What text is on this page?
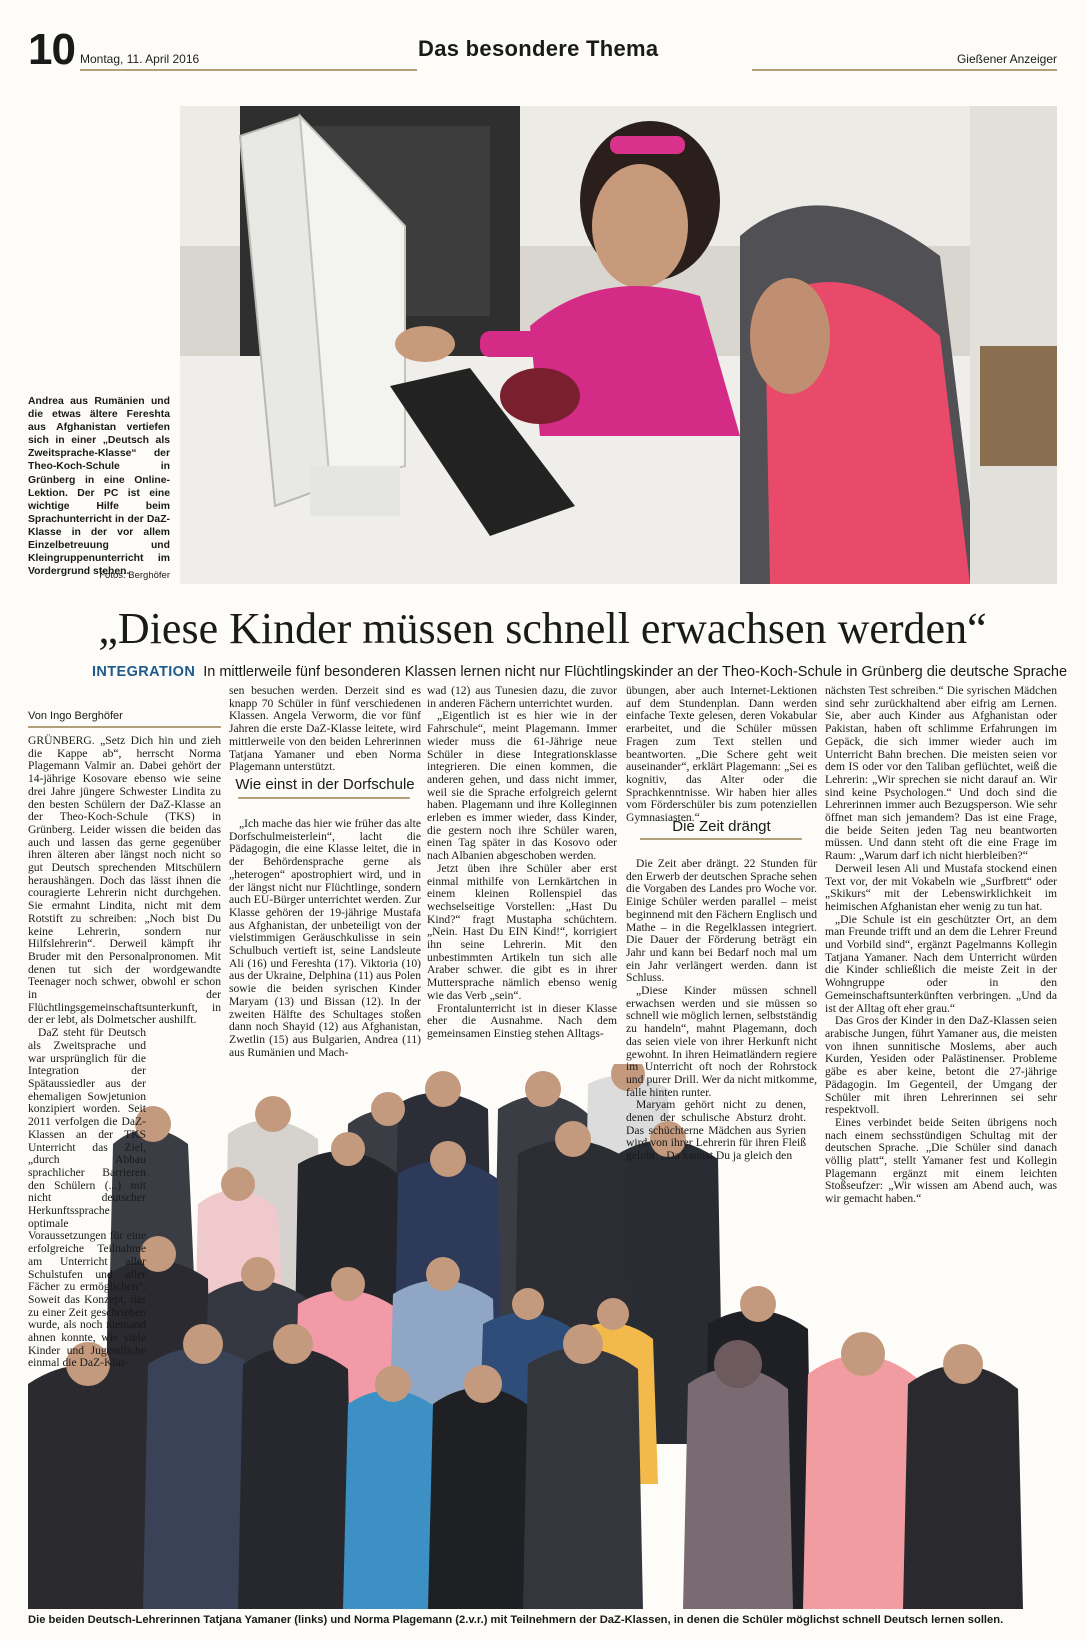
10 Montag, 11. April 2016	Das besondere Thema	Gießener Anzeiger
Andrea aus Rumänien und die etwas ältere Fereshta aus Afghanistan vertiefen sich in einer „Deutsch als Zweitsprache-Klasse“ der Theo-Koch-Schule in Grünberg in eine Online-Lektion. Der PC ist eine wichtige Hilfe beim Sprachunterricht in der DaZ-Klasse in der vor allem Einzelbetreuung und Kleingruppenunterricht im Vordergrund stehen.
Fotos: Berghöfer
„Diese Kinder müssen schnell erwachsen werden“
INTEGRATION In mittlerweile fünf besonderen Klassen lernen nicht nur Flüchtlingskinder an der Theo-Koch-Schule in Grünberg die deutsche Sprache
Von Ingo Berghöfer

GRÜNBERG. „Setz Dich hin und zieh die Kappe ab“, herrscht Norma Plagemann Valmir an. Dabei gehört der 14-jährige Kosovare ebenso wie seine drei Jahre jüngere Schwester Lindita zu den besten Schülern der DaZ-Klasse an der Theo-Koch-Schule (TKS) in Grünberg. Leider wissen die beiden das auch und lassen das gerne gegenüber ihren älteren aber längst noch nicht so gut Deutsch sprechenden Mitschülern heraushängen. Doch das lässt ihnen die couragierte Lehrerin nicht durchgehen. Sie ermahnt Lindita, nicht mit dem Rotstift zu schreiben: „Noch bist Du keine Lehrerin, sondern nur Hilfslehrerin“. Derweil kämpft ihr Bruder mit den Personalpronomen. Mit denen tut sich der wordgewandte Teenager noch schwer, obwohl er schon in der Flüchtlingsgemeinschaftsunterkunft, in der er lebt, als Dolmetscher aushilft.

DaZ steht für Deutsch als Zweitsprache und war ursprünglich für die Integration der Spätaussiedler aus der ehemaligen Sowjetunion konzipiert worden. Seit 2011 verfolgen die DaZ-Klassen an der TKS Unterricht das Ziel, „durch Abbau sprachlicher Barrieren den Schülern (...) mit nicht deutscher Herkunftssprache optimale Voraussetzungen für eine erfolgreiche Teilnahme am Unterricht aller Schulstufen und aller Fächer zu ermöglichen“. Soweit das Konzept, das zu einer Zeit geschrieben wurde, als noch niemand ahnen konnte, wie viele Kinder und Jugendliche einmal die DaZ-Klas-

sen besuchen werden. Derzeit sind es knapp 70 Schüler in fünf verschiedenen Klassen. Angela Verworm, die vor fünf Jahren die erste DaZ-Klasse leitete, wird mittlerweile von den beiden Lehrerinnen Tatjana Yamaner und eben Norma Plagemann unterstützt.

Wie einst in der Dorfschule

„Ich mache das hier wie früher das alte Dorfschulmeisterlein“, lacht die Pädagogin, die eine Klasse leitet, die in der Behördensprache gerne als „heterogen“ apostrophiert wird, und in der längst nicht nur Flüchtlinge, sondern auch EU-Bürger unterrichtet werden. Zur Klasse gehören der 19-jährige Mustafa aus Afghanistan, der unbeteiligt von der vielstimmigen Geräuschkulisse in sein Schulbuch vertieft ist, seine Landsleute Ali (16) und Fereshta (17). Viktoria (10) aus der Ukraine, Delphina (11) aus Polen sowie die beiden syrischen Kinder Maryam (13) und Bissan (12). In der zweiten Hälfte des Schultages stoßen dann noch Shayid (12) aus Afghanistan, Zwetlin (15) aus Bulgarien, Andrea (11) aus Rumänien und Mach-

wad (12) aus Tunesien dazu, die zuvor in anderen Fächern unterrichtet wurden.

„Eigentlich ist es hier wie in der Fahrschule“, meint Plagemann. Immer wieder muss die 61-Jährige neue Schüler in diese Integrationsklasse integrieren. Die einen kommen, die anderen gehen, und dass nicht immer, weil sie die Sprache erfolgreich gelernt haben. Plagemann und ihre Kolleginnen erleben es immer wieder, dass Kinder, die gestern noch ihre Schüler waren, einen Tag später in das Kosovo oder nach Albanien abgeschoben werden.

Jetzt üben ihre Schüler aber erst einmal mithilfe von Lernkärtchen in einem kleinen Rollenspiel das wechselseitige Vorstellen: „Hast Du Kind?“ fragt Mustapha schüchtern. „Nein. Hast Du EIN Kind!“, korrigiert ihn seine Lehrerin. Mit den unbestimmten Artikeln tun sich alle Araber schwer. die gibt es in ihrer Muttersprache nämlich ebenso wenig wie das Verb „sein“.

Frontalunterricht ist in dieser Klasse eher die Ausnahme. Nach dem gemeinsamen Einstieg stehen Alltags-

übungen, aber auch Internet-Lektionen auf dem Stundenplan. Dann werden einfache Texte gelesen, deren Vokabular erarbeitet, und die Schüler müssen Fragen zum Text stellen und beantworten. „Die Schere geht weit auseinander“, erklärt Plagemann: „Sei es kognitiv, das Alter oder die Sprachkenntnisse. Wir haben hier alles vom Förderschüler bis zum potenziellen Gymnasiasten.“

Die Zeit drängt

Die Zeit aber drängt. 22 Stunden für den Erwerb der deutschen Sprache sehen die Vorgaben des Landes pro Woche vor. Einige Schüler werden parallel – meist beginnend mit den Fächern Englisch und Mathe – in die Regelklassen integriert. Die Dauer der Förderung beträgt ein Jahr und kann bei Bedarf noch mal um ein Jahr verlängert werden. dann ist Schluss.

„Diese Kinder müssen schnell erwachsen werden und sie müssen so schnell wie möglich lernen, selbstständig zu handeln“, mahnt Plagemann, doch das seien viele von ihrer Herkunft nicht gewohnt. In ihren Heimatländern regiere im Unterricht oft noch der Rohrstock und purer Drill. Wer da nicht mitkomme, falle hinten runter.

Maryam gehört nicht zu denen, denen der schulische Absturz droht. Das schüchterne Mädchen aus Syrien wird von ihrer Lehrerin für ihren Fleiß gelobt: „Da kannst Du ja gleich den

nächsten Test schreiben.“ Die syrischen Mädchen sind sehr zurückhaltend aber eifrig am Lernen. Sie, aber auch Kinder aus Afghanistan oder Pakistan, haben oft schlimme Erfahrungen im Gepäck, die sich immer wieder auch im Unterricht Bahn brechen. Die meisten seien vor dem IS oder vor den Taliban geflüchtet, weiß die Lehrerin: „Wir sprechen sie nicht darauf an. Wir sind keine Psychologen.“ Und doch sind die Lehrerinnen immer auch Bezugsperson. Wie sehr öffnet man sich jemandem? Das ist eine Frage, die beide Seiten jeden Tag neu beantworten müssen. Und dann steht oft die eine Frage im Raum: „Warum darf ich nicht hierbleiben?“

Derweil lesen Ali und Mustafa stockend einen Text vor, der mit Vokabeln wie „Surfbrett“ oder „Skikurs“ mit der Lebenswirklichkeit im heimischen Afghanistan eher wenig zu tun hat.

„Die Schule ist ein geschützter Ort, an dem man Freunde trifft und an dem die Lehrer Freund und Vorbild sind“, ergänzt Pagelmanns Kollegin Tatjana Yamaner. Nach dem Unterricht würden die Kinder schließlich die meiste Zeit in der Wohngruppe oder in den Gemeinschaftsunterkünften verbringen. „Und da ist der Alltag oft eher grau.“

Das Gros der Kinder in den DaZ-Klassen seien arabische Jungen, führt Yamaner aus, die meisten von ihnen sunnitische Moslems, aber auch Kurden, Yesiden oder Palästinenser. Probleme gäbe es aber keine, betont die 27-jährige Pädagogin. Im Gegenteil, der Umgang der Schüler mit ihren Lehrerinnen sei sehr respektvoll.

Eines verbindet beide Seiten übrigens noch nach einem sechsstündigen Schultag mit der deutschen Sprache. „Die Schüler sind danach völlig platt“, stellt Yamaner fest und Kollegin Plagemann ergänzt mit einem leichten Stoßseufzer: „Wir wissen am Abend auch, was wir gemacht haben.“

Die beiden Deutsch-Lehrerinnen Tatjana Yamaner (links) und Norma Plagemann (2.v.r.) mit Teilnehmern der DaZ-Klassen, in denen die Schüler möglichst schnell Deutsch lernen sollen.
